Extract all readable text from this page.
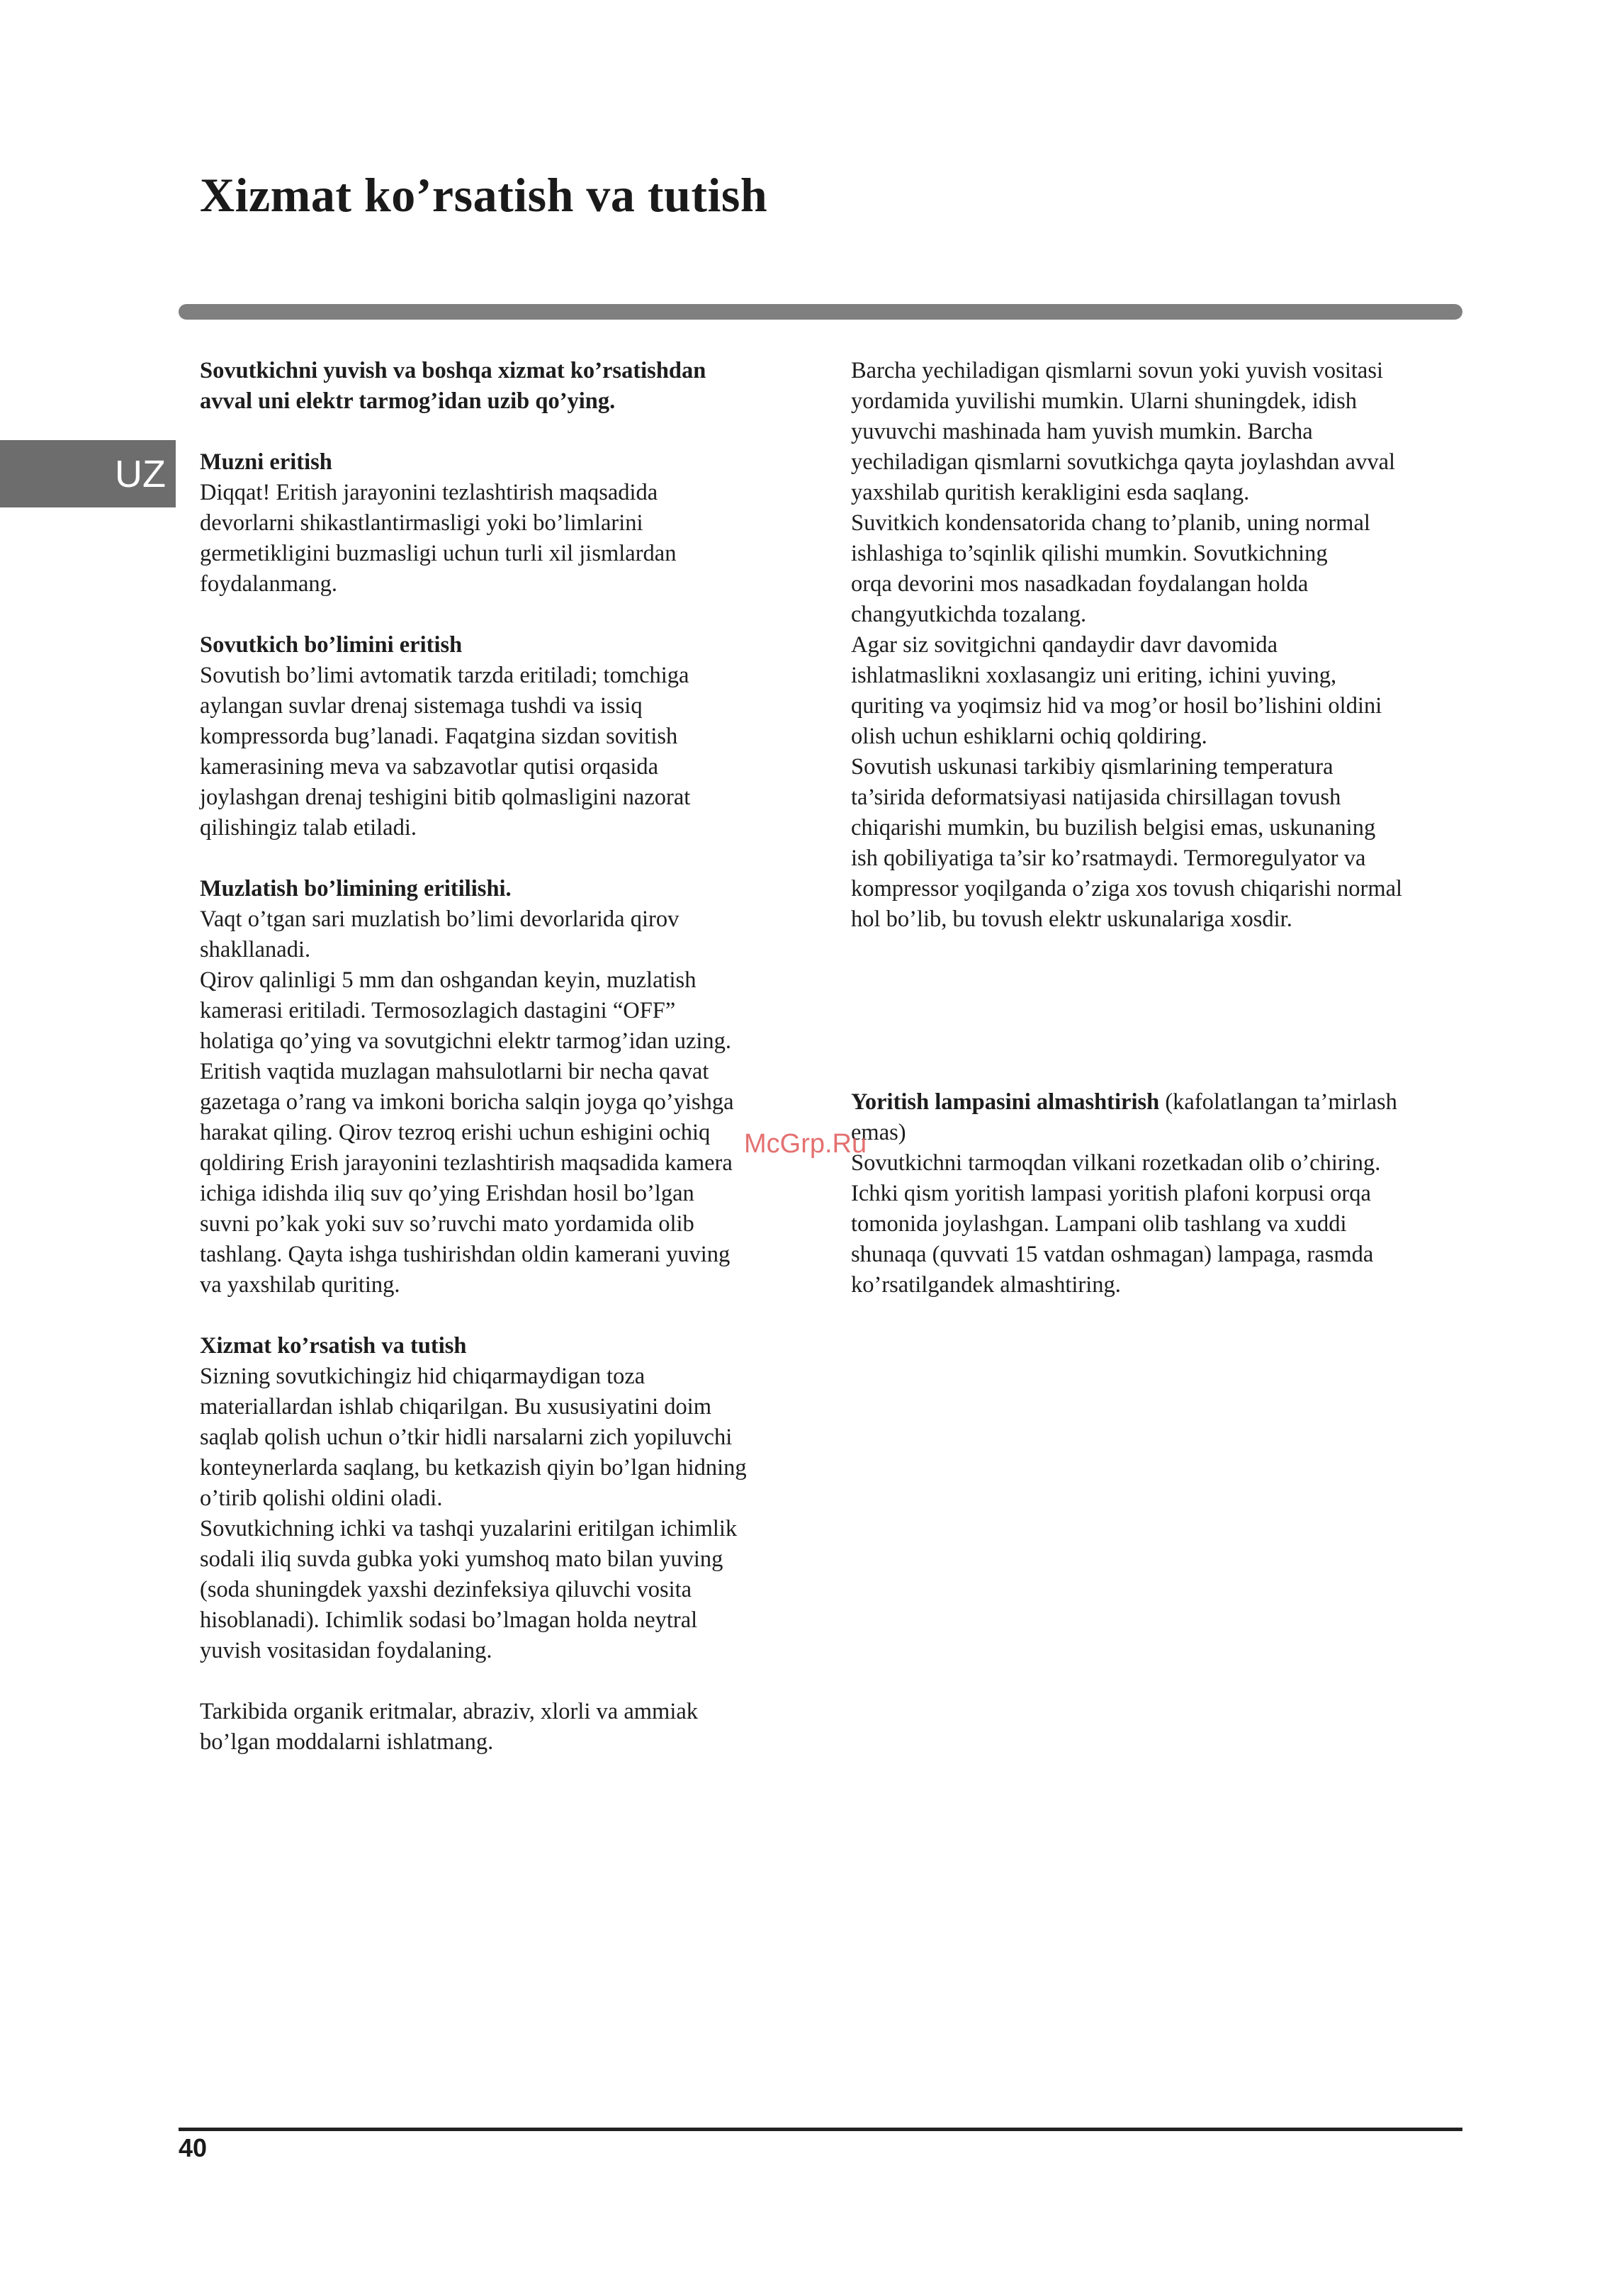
Xizmat ko’rsatish va tutish
UZ

Sovutkichni yuvish va boshqa xizmat ko’rsatishdan
avval uni elektr tarmog’idan uzib qo’ying.

Muzni eritish

Diqqat! Eritish jarayonini tezlashtirish maqsadida
devorlarni shikastlantirmasligi yoki bo’limlarini
germetikligini buzmasligi uchun turli xil jismlardan
foydalanmang.

Sovutkich bo’limini eritish

Sovutish bo’limi avtomatik tarzda eritiladi; tomchiga
aylangan suvlar drenaj sistemaga tushdi va issiq
kompressorda bug’lanadi. Faqatgina sizdan sovitish
kamerasining meva va sabzavotlar qutisi orqasida
joylashgan drenaj teshigini bitib qolmasligini nazorat
qilishingiz talab etiladi.

Muzlatish bo’limining eritilishi.

Vaqt o’tgan sari muzlatish bo’limi devorlarida qirov
shakllanadi.
Qirov qalinligi 5 mm dan oshgandan keyin, muzlatish
kamerasi eritiladi. Termosozlagich dastagini “OFF”
holatiga qo’ying va sovutgichni elektr tarmog’idan uzing.
Eritish vaqtida muzlagan mahsulotlarni bir necha qavat
gazetaga o’rang va imkoni boricha salqin joyga qo’yishga
harakat qiling. Qirov tezroq erishi uchun eshigini ochiq
qoldiring Erish jarayonini tezlashtirish maqsadida kamera
ichiga idishda iliq suv qo’ying Erishdan hosil bo’lgan
suvni po’kak yoki suv so’ruvchi mato yordamida olib
tashlang. Qayta ishga tushirishdan oldin kamerani yuving
va yaxshilab quriting.

Xizmat ko’rsatish va tutish

Sizning sovutkichingiz hid chiqarmaydigan toza
materiallardan ishlab chiqarilgan. Bu xususiyatini doim
saqlab qolish uchun o’tkir hidli narsalarni zich yopiluvchi
konteynerlarda saqlang, bu ketkazish qiyin bo’lgan hidning
o’tirib qolishi oldini oladi.
Sovutkichning ichki va tashqi yuzalarini eritilgan ichimlik
sodali iliq suvda gubka yoki yumshoq mato bilan yuving
(soda shuningdek yaxshi dezinfeksiya qiluvchi vosita
hisoblanadi). Ichimlik sodasi bo’lmagan holda neytral
yuvish vositasidan foydalaning.

Tarkibida organik eritmalar, abraziv, xlorli va ammiak
bo’lgan moddalarni ishlatmang.

Barcha yechiladigan qismlarni sovun yoki yuvish vositasi
yordamida yuvilishi mumkin. Ularni shuningdek, idish
yuvuvchi mashinada ham yuvish mumkin. Barcha
yechiladigan qismlarni sovutkichga qayta joylashdan avval
yaxshilab quritish kerakligini esda saqlang.
Suvitkich kondensatorida chang to’planib, uning normal
ishlashiga to’sqinlik qilishi mumkin. Sovutkichning
orqa devorini mos nasadkadan foydalangan holda
changyutkichda tozalang.
Agar siz sovitgichni qandaydir davr davomida
ishlatmaslikni xoxlasangiz uni eriting, ichini yuving,
quriting va yoqimsiz hid va mog’or hosil bo’lishini oldini
olish uchun eshiklarni ochiq qoldiring.
Sovutish uskunasi tarkibiy qismlarining temperatura
ta’sirida deformatsiyasi natijasida chirsillagan tovush
chiqarishi mumkin, bu buzilish belgisi emas, uskunaning
ish qobiliyatiga ta’sir ko’rsatmaydi. Termoregulyator va
kompressor yoqilganda o’ziga xos tovush chiqarishi normal
hol bo’lib, bu tovush elektr uskunalariga xosdir.

Yoritish lampasini almashtirish (kafolatlangan ta’mirlash
emas)

Sovutkichni tarmoqdan vilkani rozetkadan olib o’chiring.
Ichki qism yoritish lampasi yoritish plafoni korpusi orqa
tomonida joylashgan. Lampani olib tashlang va xuddi
shunaqa (quvvati 15 vatdan oshmagan) lampaga, rasmda
ko’rsatilgandek almashtiring.

McGrp.Ru
40
